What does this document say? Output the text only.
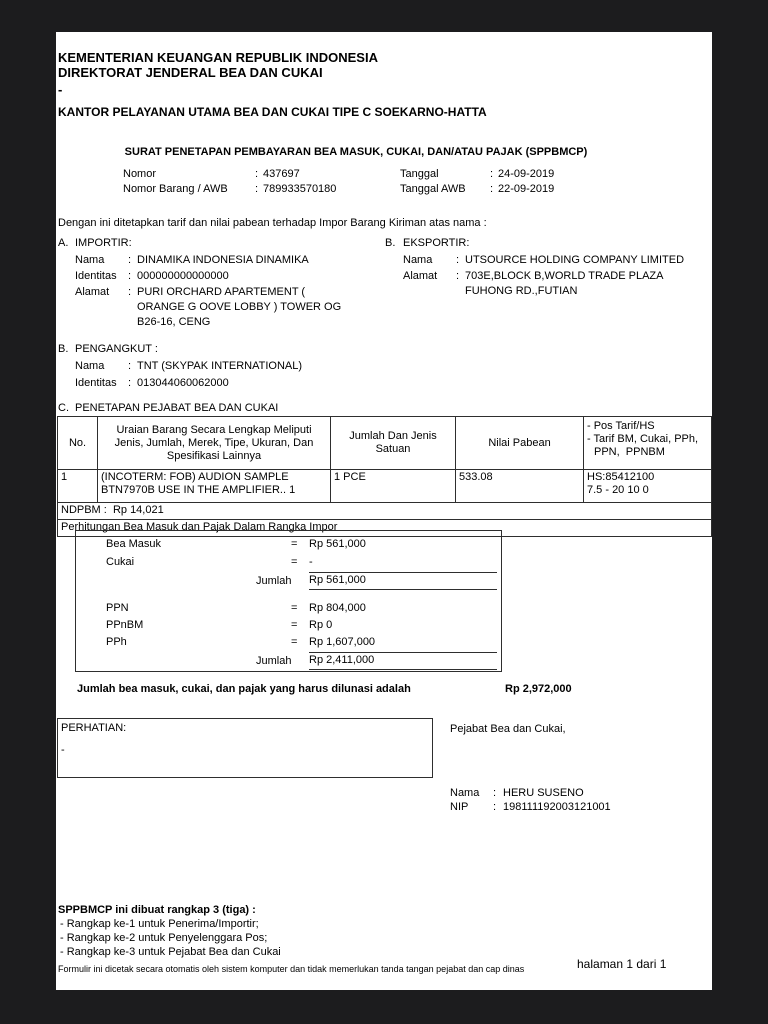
KEMENTERIAN KEUANGAN REPUBLIK INDONESIA
DIREKTORAT JENDERAL BEA DAN CUKAI
-
KANTOR PELAYANAN UTAMA BEA DAN CUKAI TIPE C SOEKARNO-HATTA
SURAT PENETAPAN PEMBAYARAN BEA MASUK, CUKAI, DAN/ATAU PAJAK (SPPBMCP)
Nomor	: 437697	Tanggal	: 24-09-2019
Nomor Barang / AWB : 789933570180	Tanggal AWB : 22-09-2019
Dengan ini ditetapkan tarif dan nilai pabean terhadap Impor Barang Kiriman atas nama :
A. IMPORTIR:
Nama : DINAMIKA INDONESIA DINAMIKA
Identitas : 000000000000000
Alamat : PURI ORCHARD APARTEMENT (
ORANGE G OOVE LOBBY ) TOWER OG
B26-16, CENG
B. EKSPORTIR:
Nama : UTSOURCE HOLDING COMPANY LIMITED
Alamat : 703E,BLOCK B,WORLD TRADE PLAZA
FUHONG RD.,FUTIAN
B. PENGANGKUT :
Nama : TNT (SKYPAK INTERNATIONAL)
Identitas : 013044060062000
C. PENETAPAN PEJABAT BEA DAN CUKAI
No.	Uraian Barang Secara Lengkap Meliputi Jenis, Jumlah, Merek, Tipe, Ukuran, Dan Spesifikasi Lainnya	Jumlah Dan Jenis Satuan	Nilai Pabean	- Pos Tarif/HS
- Tarif BM, Cukai, PPh,
PPN,  PPNBM

1	(INCOTERM: FOB) AUDION SAMPLE
BTN7970B USE IN THE AMPLIFIER.. 1
	1 PCE	533.08	HS:85412100
7.5 - 20 10 0

NDPBM :  Rp 14,021				
Perhitungan Bea Masuk dan Pajak Dalam Rangka Impor				
Bea Masuk	= Rp 561,000
Cukai	= -
Jumlah Rp 561,000
PPN	= Rp 804,000
PPnBM	= Rp 0
PPh	= Rp 1,607,000
Jumlah Rp 2,411,000
Jumlah bea masuk, cukai, dan pajak yang harus dilunasi adalah	Rp 2,972,000
PERHATIAN:
-
Pejabat Bea dan Cukai,
Nama : HERU SUSENO
NIP : 198111192003121001
SPPBMCP ini dibuat rangkap 3 (tiga) :
- Rangkap ke-1 untuk Penerima/Importir;
- Rangkap ke-2 untuk Penyelenggara Pos;
- Rangkap ke-3 untuk Pejabat Bea dan Cukai
Formulir ini dicetak secara otomatis oleh sistem komputer dan tidak memerlukan tanda tangan pejabat dan cap dinas	halaman 1 dari 1
